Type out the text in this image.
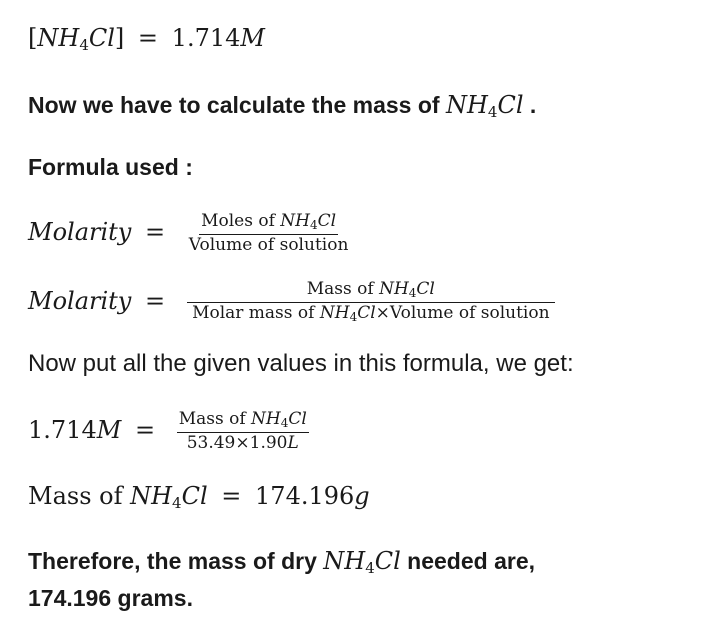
$[NH_4Cl] = 1.714M$
Now we have to calculate the mass of $NH_4Cl$ .
Formula used :
Molarity = $\frac{Moles of NH_4Cl}{\text{Volume of solution}}$
Molarity = $\frac{Mass of NH_4Cl}{Molar mass of NH_4Cl\times Volume of solution}$
Now put all the given values in this formula, we get:
$1.714M = \frac{Mass of NH_4Cl}{53.49\times 1.90L}$
Mass of $NH_4Cl = 174.196g$
Therefore, the mass of dry $NH_4Cl$ needed are,
174.196 grams.
